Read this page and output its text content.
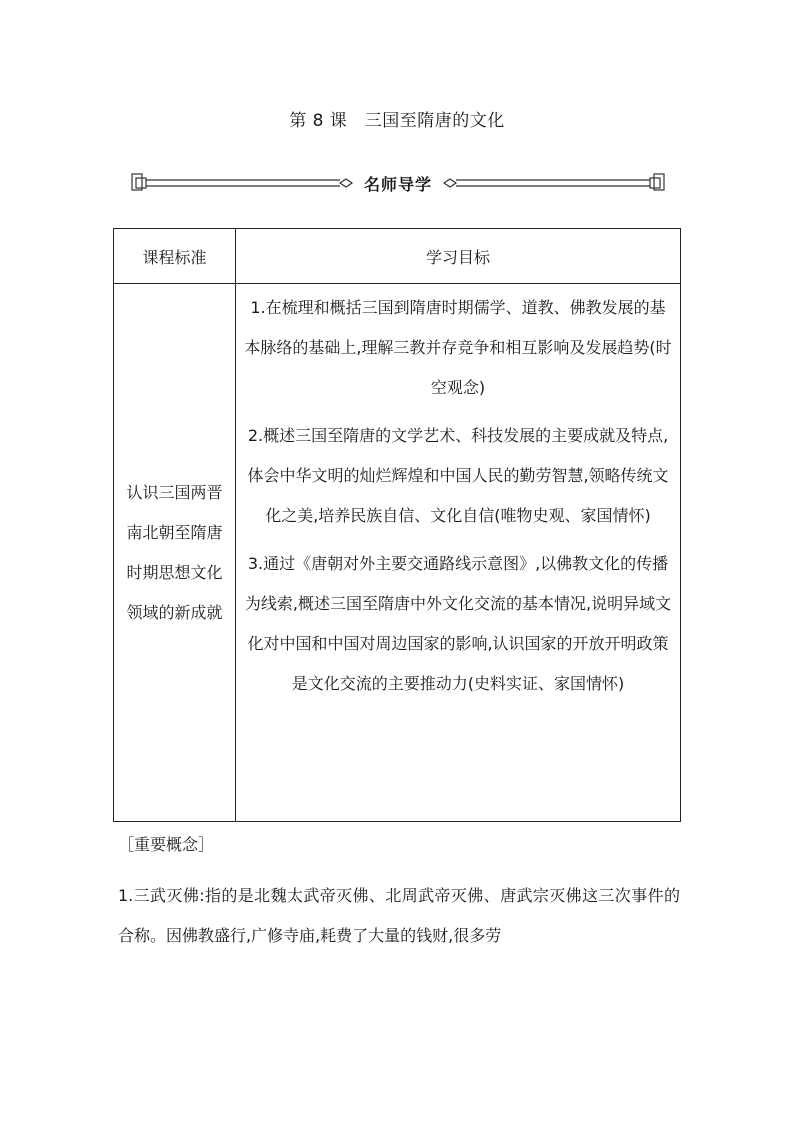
第 8 课　三国至隋唐的文化
名师导学
课程标准	学习目标
认识三国两晋南北朝至隋唐时期思想文化领域的新成就	1.在梳理和概括三国到隋唐时期儒学、道教、佛教发展的基本脉络的基础上,理解三教并存竞争和相互影响及发展趋势(时空观念)

2.概述三国至隋唐的文学艺术、科技发展的主要成就及特点,体会中华文明的灿烂辉煌和中国人民的勤劳智慧,领略传统文化之美,培养民族自信、文化自信(唯物史观、家国情怀)

3.通过《唐朝对外主要交通路线示意图》,以佛教文化的传播为线索,概述三国至隋唐中外文化交流的基本情况,说明异域文化对中国和中国对周边国家的影响,认识国家的开放开明政策是文化交流的主要推动力(史料实证、家国情怀)

［重要概念］
1.三武灭佛:指的是北魏太武帝灭佛、北周武帝灭佛、唐武宗灭佛这三次事件的合称。因佛教盛行,广修寺庙,耗费了大量的钱财,很多劳
